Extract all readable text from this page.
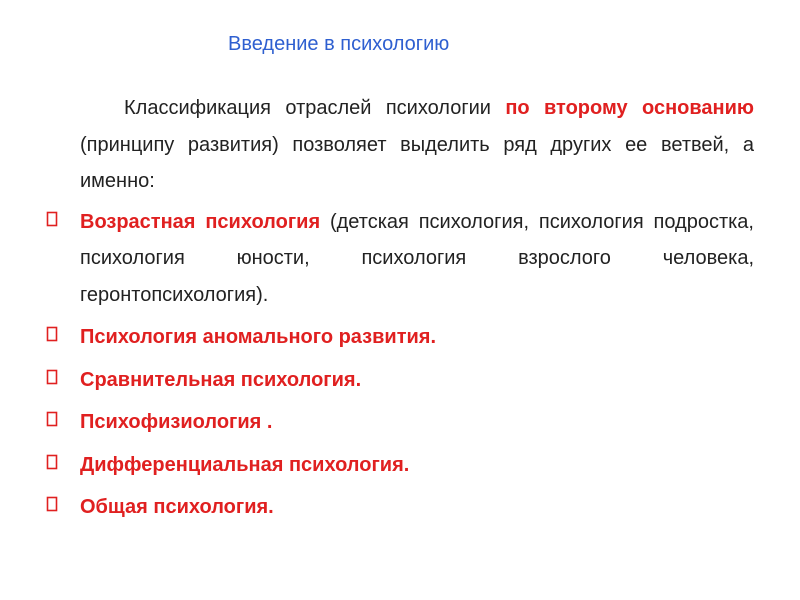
Введение в психологию

Классификация отраслей психологии по второму основанию (принципу развития) позволяет выделить ряд других ее ветвей, а именно:

Возрастная психология (детская психология, психология подростка, психология юности, психология взрослого человека, геронтопсихология).
Психология аномального развития.
Сравнительная психология.
Психофизиология .
Дифференциальная психология.
Общая психология.
